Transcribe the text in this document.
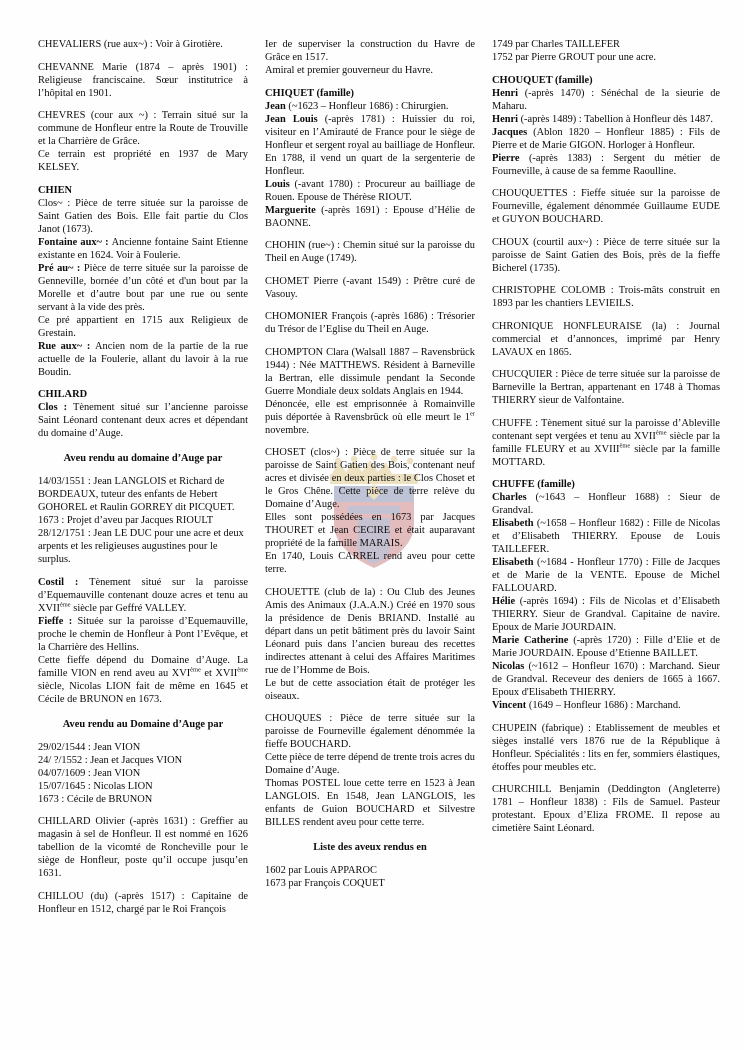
CHEVALIERS (rue aux~) : Voir à Girotière.

CHEVANNE Marie (1874 – après 1901) : Religieuse franciscaine. Sœur institutrice à l’hôpital en 1901.

CHEVRES (cour aux ~) : Terrain situé sur la commune de Honfleur entre la Route de Trouville et la Charrière de Grâce.

Ce terrain est propriété en 1937 de Mary KELSEY.

CHIEN

Clos~ : Pièce de terre située sur la paroisse de Saint Gatien des Bois. Elle fait partie du Clos Janot (1673).

Fontaine aux~ : Ancienne fontaine Saint Etienne existante en 1624. Voir à Foulerie.

Pré au~ : Pièce de terre située sur la paroisse de Genneville, bornée d’un côté et d'un bout par la Morelle et d’autre bout par une rue ou sente servant à la vide des près.

Ce pré appartient en 1715 aux Religieux de Grestain.

Rue aux~ : Ancien nom de la partie de la rue actuelle de la Foulerie, allant du lavoir à la rue Boudin.

CHILARD

Clos : Tènement situé sur l’ancienne paroisse Saint Léonard contenant deux acres et dépendant du domaine d’Auge.

Aveu rendu au domaine d’Auge par

14/03/1551 : Jean LANGLOIS et Richard de BORDEAUX, tuteur des enfants de Hebert GOHOREL et Raulin GORREY dit PICQUET.

1673 : Projet d’aveu par Jacques RIOULT

28/12/1751 : Jean LE DUC pour une acre et deux arpents et les religieuses augustines pour le surplus.

Costil : Tènement situé sur la paroisse d’Equemauville contenant douze acres et tenu au XVIIème siècle par Geffré VALLEY.

Fieffe : Située sur la paroisse d’Equemauville, proche le chemin de Honfleur à Pont l’Evêque, et la Charrière des Hellins.

Cette fieffe dépend du Domaine d’Auge. La famille VION en rend aveu au XVIème et XVIIème siècle, Nicolas LION fait de même en 1645 et Cécile de BRUNON en 1673.

Aveu rendu au Domaine d’Auge par

29/02/1544 : Jean VION

24/ ?/1552 : Jean et Jacques VION

04/07/1609 : Jean VION

15/07/1645 : Nicolas LION

1673 : Cécile de BRUNON

CHILLARD Olivier (-après 1631) : Greffier au magasin à sel de Honfleur. Il est nommé en 1626 tabellion de la vicomté de Roncheville pour le siège de Honfleur, poste qu’il occupe jusqu’en 1631.

CHILLOU (du) (-après 1517) : Capitaine de Honfleur en 1512, chargé par le Roi François

Ier de superviser la construction du Havre de Grâce en 1517.

Amiral et premier gouverneur du Havre.

CHIQUET (famille)

Jean (~1623 – Honfleur 1686) : Chirurgien.

Jean Louis (-après 1781) : Huissier du roi, visiteur en l’Amirauté de France pour le siège de Honfleur et sergent royal au bailliage de Honfleur. En 1788, il vend un quart de la sergenterie de Honfleur.

Louis (-avant 1780) : Procureur au bailliage de Rouen. Epouse de Thérèse RIOUT.

Marguerite (-après 1691) : Epouse d’Hélie de BAONNE.

CHOHIN (rue~) : Chemin situé sur la paroisse du Theil en Auge (1749).

CHOMET Pierre (-avant 1549) : Prêtre curé de Vasouy.

CHOMONIER François (-après 1686) : Trésorier du Trésor de l’Eglise du Theil en Auge.

CHOMPTON Clara (Walsall 1887 – Ravensbrück 1944) : Née MATTHEWS. Résident à Barneville la Bertran, elle dissimule pendant la Seconde Guerre Mondiale deux soldats Anglais en 1944.

Dénoncée, elle est emprisonnée à Romainville puis déportée à Ravensbrück où elle meurt le 1er novembre.

CHOSET (clos~) : Pièce de terre située sur la paroisse de Saint Gatien des Bois, contenant neuf acres et divisée en deux parties : le Clos Choset et le Gros Chêne. Cette pièce de terre relève du Domaine d’Auge.

Elles sont possédées en 1673 par Jacques THOURET et Jean CECIRE et était auparavant propriété de la famille MARAIS.

En 1740, Louis CARREL rend aveu pour cette terre.

CHOUETTE (club de la) : Ou Club des Jeunes Amis des Animaux (J.A.A.N.) Créé en 1970 sous la présidence de Denis BRIAND. Installé au départ dans un petit bâtiment près du lavoir Saint Léonard puis dans l’ancien bureau des recettes indirectes attenant à celui des Affaires Maritimes rue de l’Homme de Bois.

Le but de cette association était de protéger les oiseaux.

CHOUQUES : Pièce de terre située sur la paroisse de Fourneville également dénommée la fieffe BOUCHARD.

Cette pièce de terre dépend de trente trois acres du Domaine d’Auge.

Thomas POSTEL loue cette terre en 1523 à Jean LANGLOIS. En 1548, Jean LANGLOIS, les enfants de Guion BOUCHARD et Silvestre BILLES rendent aveu pour cette terre.

Liste des aveux rendus en

1602 par Louis APPAROC

1673 par François COQUET

1749 par Charles TAILLEFER

1752 par Pierre GROUT pour une acre.

CHOUQUET (famille)

Henri (-après 1470) : Sénéchal de la sieurie de Maharu.

Henri (-après 1489) : Tabellion à Honfleur dès 1487.

Jacques (Ablon 1820 – Honfleur 1885) : Fils de Pierre et de Marie GIGON. Horloger à Honfleur.

Pierre (-après 1383) : Sergent du métier de Fourneville, à cause de sa femme Raoulline.

CHOUQUETTES : Fieffe située sur la paroisse de Fourneville, également dénommée Guillaume EUDE et GUYON BOUCHARD.

CHOUX (courtil aux~) : Pièce de terre située sur la paroisse de Saint Gatien des Bois, près de la fieffe Bicherel (1735).

CHRISTOPHE COLOMB : Trois-mâts construit en 1893 par les chantiers LEVIEILS.

CHRONIQUE HONFLEURAISE (la) : Journal commercial et d’annonces, imprimé par Henry LAVAUX en 1865.

CHUCQUIER : Pièce de terre située sur la paroisse de Barneville la Bertran, appartenant en 1748 à Thomas THIERRY sieur de Valfontaine.

CHUFFE : Tènement situé sur la paroisse d’Ableville contenant sept vergées et tenu au XVIIème siècle par la famille FLEURY et au XVIIIème siècle par la famille MOTTARD.

CHUFFE (famille)

Charles (~1643 – Honfleur 1688) : Sieur de Grandval.

Elisabeth (~1658 – Honfleur 1682) : Fille de Nicolas et d’Elisabeth THIERRY. Epouse de Louis TAILLEFER.

Elisabeth (~1684 - Honfleur 1770) : Fille de Jacques et de Marie de la VENTE. Epouse de Michel FALLOUARD.

Hélie (-après 1694) : Fils de Nicolas et d’Elisabeth THIERRY. Sieur de Grandval. Capitaine de navire. Epoux de Marie JOURDAIN.

Marie Catherine (-après 1720) : Fille d’Elie et de Marie JOURDAIN. Epouse d’Etienne BAILLET.

Nicolas (~1612 – Honfleur 1670) : Marchand. Sieur de Grandval. Receveur des deniers de 1665 à 1667. Epoux d'Elisabeth THIERRY.

Vincent (1649 – Honfleur 1686) : Marchand.

CHUPEIN (fabrique) : Etablissement de meubles et sièges installé vers 1876 rue de la République à Honfleur. Spécialités : lits en fer, sommiers élastiques, étoffes pour meubles etc.

CHURCHILL Benjamin (Deddington (Angleterre) 1781 – Honfleur 1838) : Fils de Samuel. Pasteur protestant. Epoux d’Eliza FROME. Il repose au cimetière Saint Léonard.
